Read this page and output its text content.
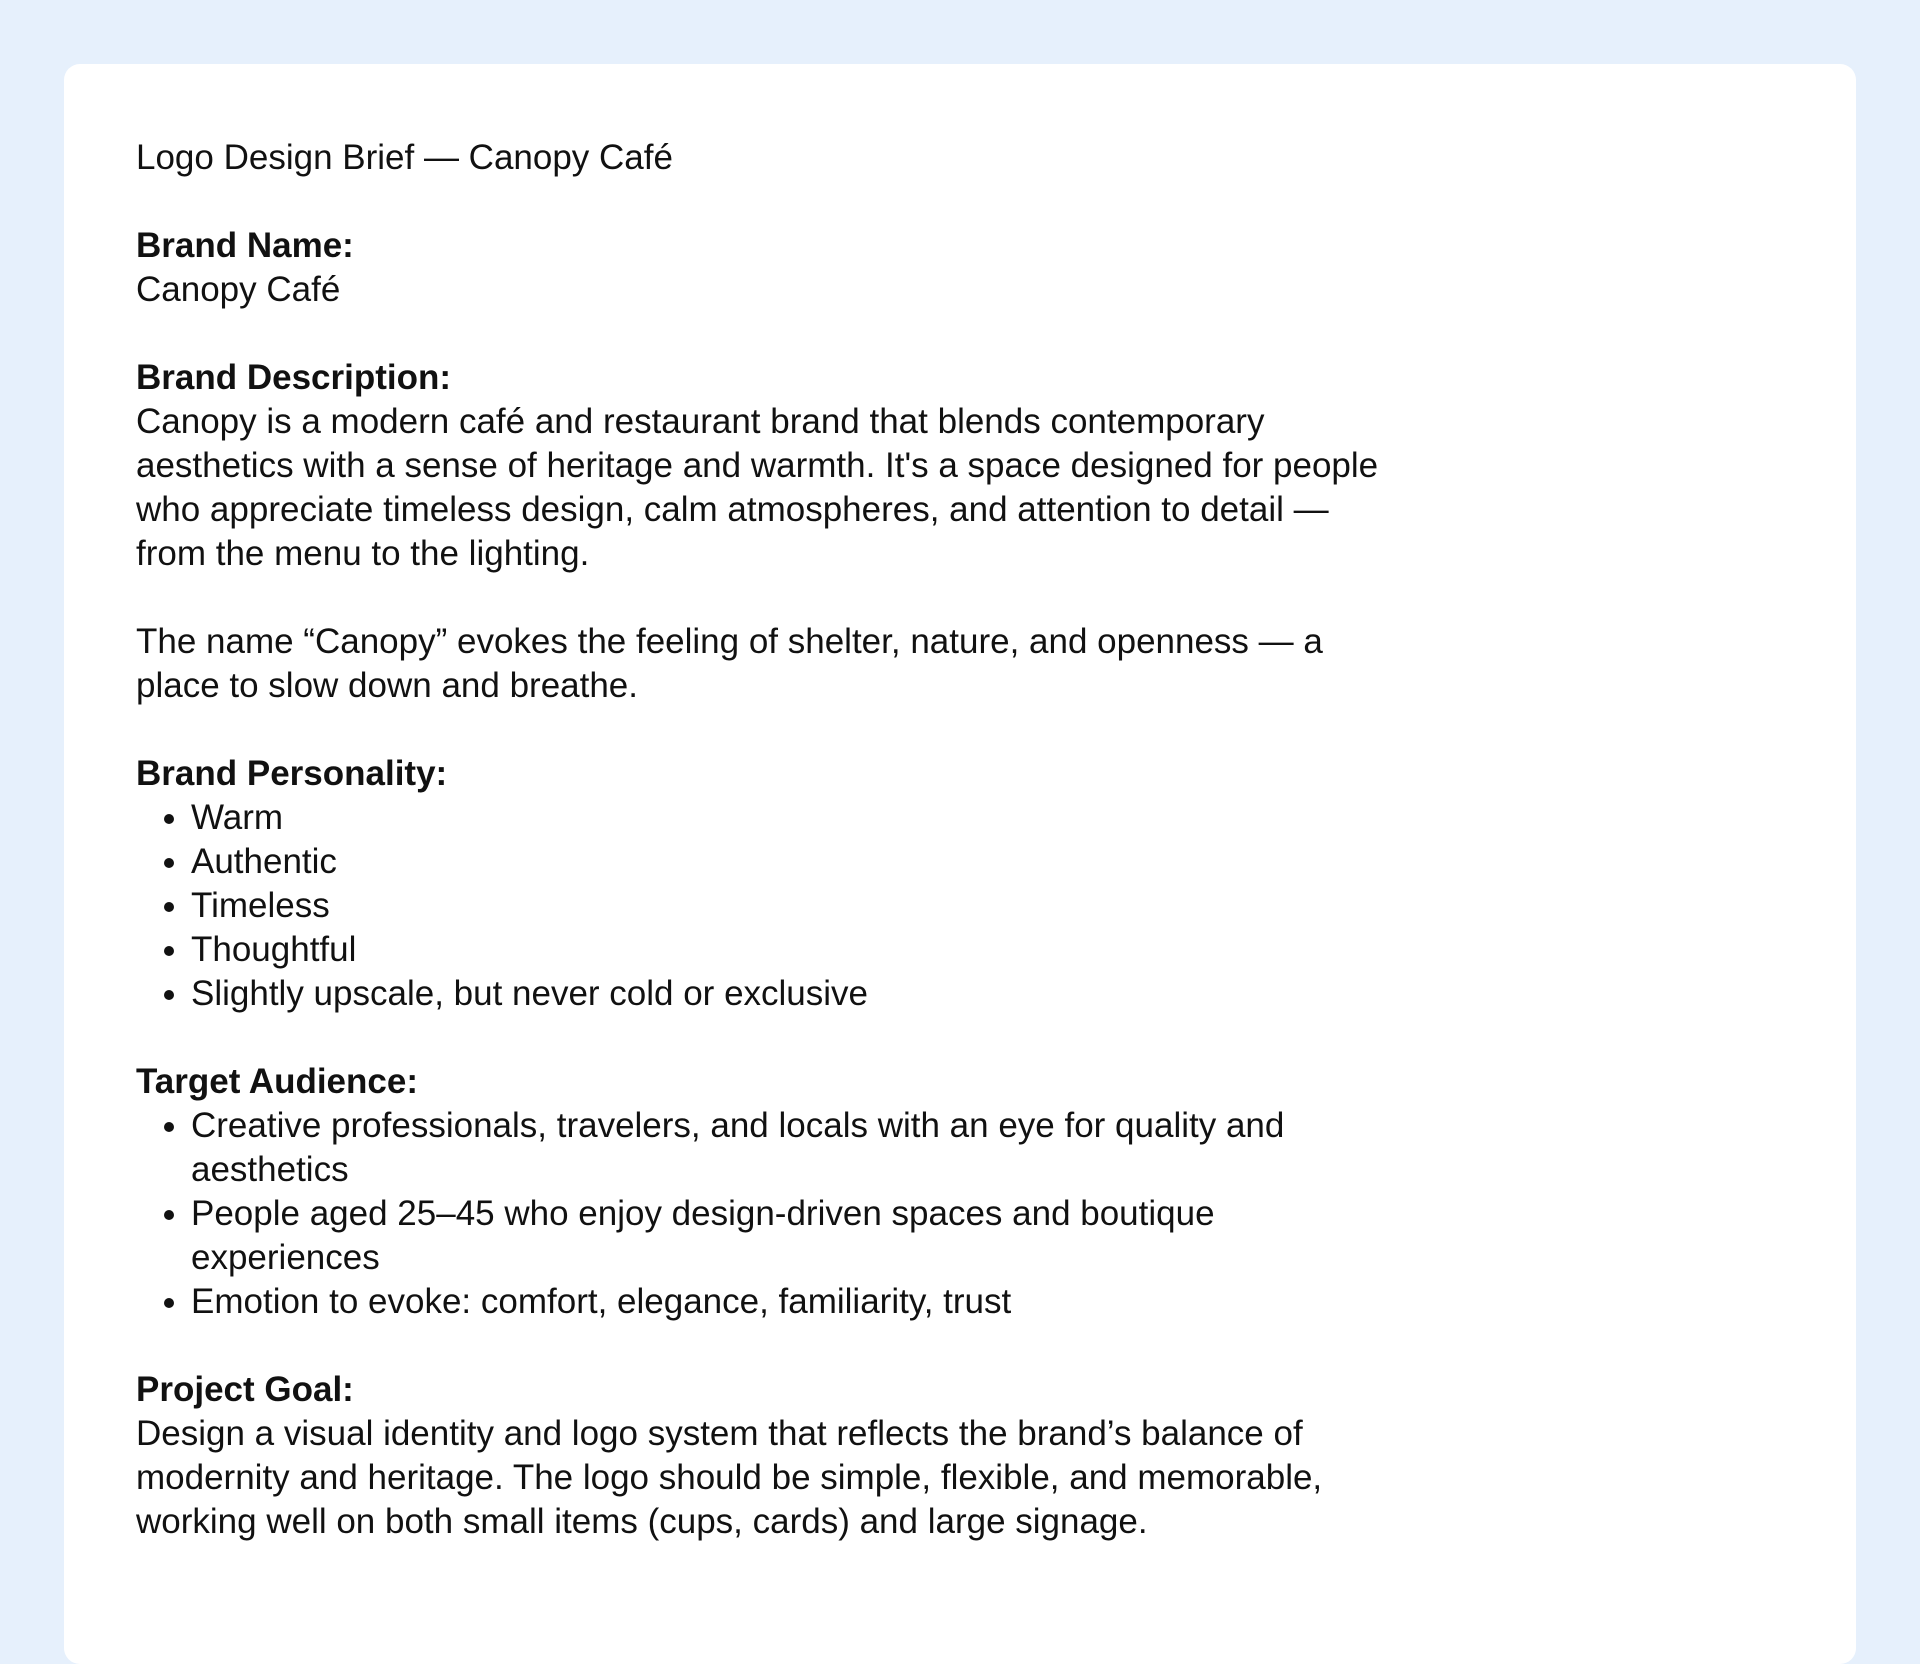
Logo Design Brief — Canopy Café

Brand Name:

Canopy Café

Brand Description:

Canopy is a modern café and restaurant brand that blends contemporary aesthetics with a sense of heritage and warmth. It's a space designed for people who appreciate timeless design, calm atmospheres, and attention to detail — from the menu to the lighting.

The name “Canopy” evokes the feeling of shelter, nature, and openness — a place to slow down and breathe.

Brand Personality:
• Warm
• Authentic
• Timeless
• Thoughtful
• Slightly upscale, but never cold or exclusive
Target Audience:
• Creative professionals, travelers, and locals with an eye for quality and aesthetics
• People aged 25–45 who enjoy design-driven spaces and boutique experiences
• Emotion to evoke: comfort, elegance, familiarity, trust
Project Goal:

Design a visual identity and logo system that reflects the brand’s balance of modernity and heritage. The logo should be simple, flexible, and memorable, working well on both small items (cups, cards) and large signage.
